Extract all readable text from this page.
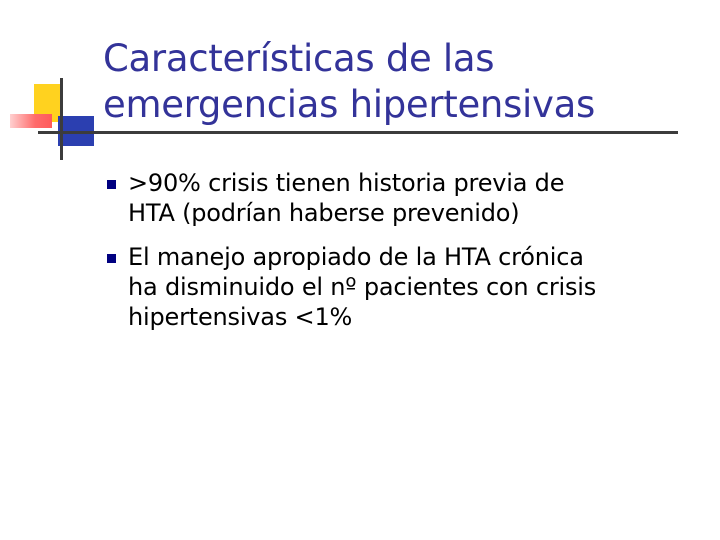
Características de las
emergencias hipertensivas
>90% crisis tienen historia previa de
HTA (podrían haberse prevenido)
El manejo apropiado de la HTA crónica
ha disminuido el nº pacientes con crisis
hipertensivas <1%
